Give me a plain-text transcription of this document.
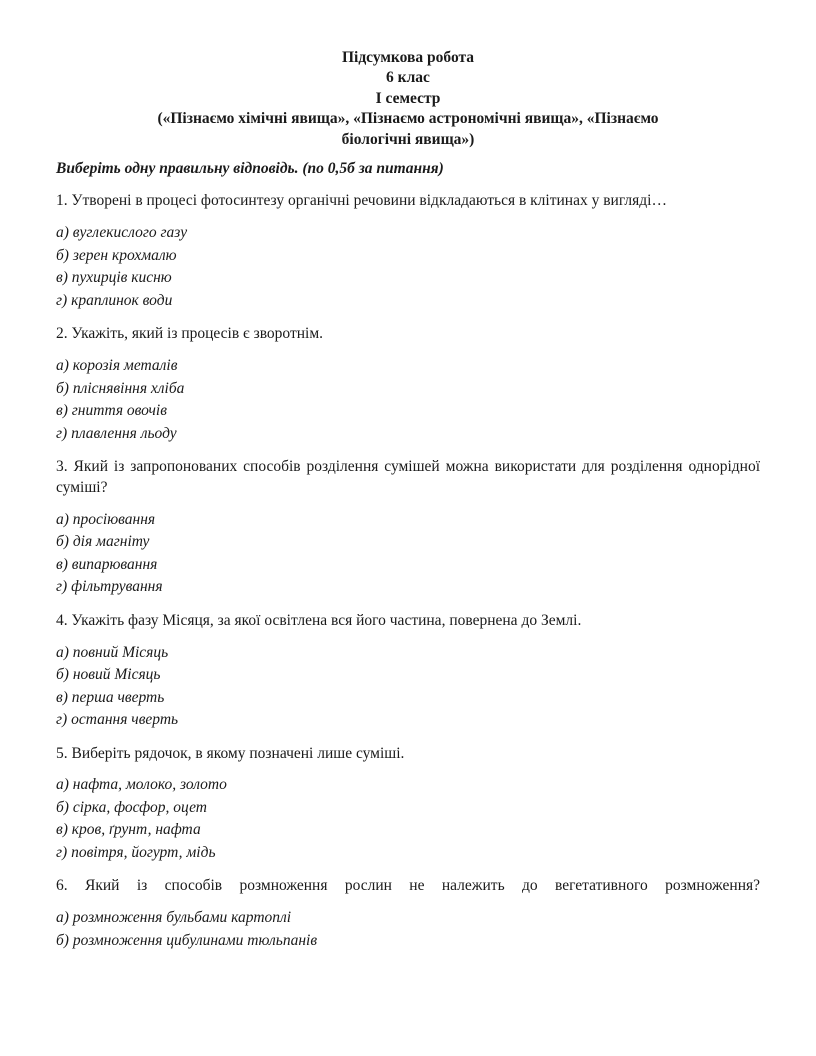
Підсумкова робота
6 клас
І семестр
(«Пізнаємо хімічні явища», «Пізнаємо астрономічні явища», «Пізнаємо
біологічні явища»)
Виберіть одну правильну відповідь. (по 0,5б за питання)
1. Утворені в процесі фотосинтезу органічні речовини відкладаються в клітинах у вигляді…
а) вуглекислого газу
б) зерен крохмалю
в) пухирців кисню
г) краплинок води
2. Укажіть, який із процесів є зворотнім.
а) корозія металів
б) пліснявіння хліба
в) гниття овочів
г) плавлення льоду
3. Який із запропонованих способів розділення сумішей можна використати для розділення однорідної суміші?
а) просіювання
б) дія магніту
в) випарювання
г) фільтрування
4. Укажіть фазу Місяця, за якої освітлена вся його частина, повернена до Землі.
а) повний Місяць
б) новий Місяць
в) перша чверть
г) остання чверть
5. Виберіть рядочок, в якому позначені лише суміші.
а) нафта, молоко, золото
б) сірка, фосфор, оцет
в) кров, ґрунт, нафта
г) повітря, йогурт, мідь
6. Який із способів розмноження рослин не належить до вегетативного розмноження?
а) розмноження бульбами картоплі
б) розмноження цибулинами тюльпанів
